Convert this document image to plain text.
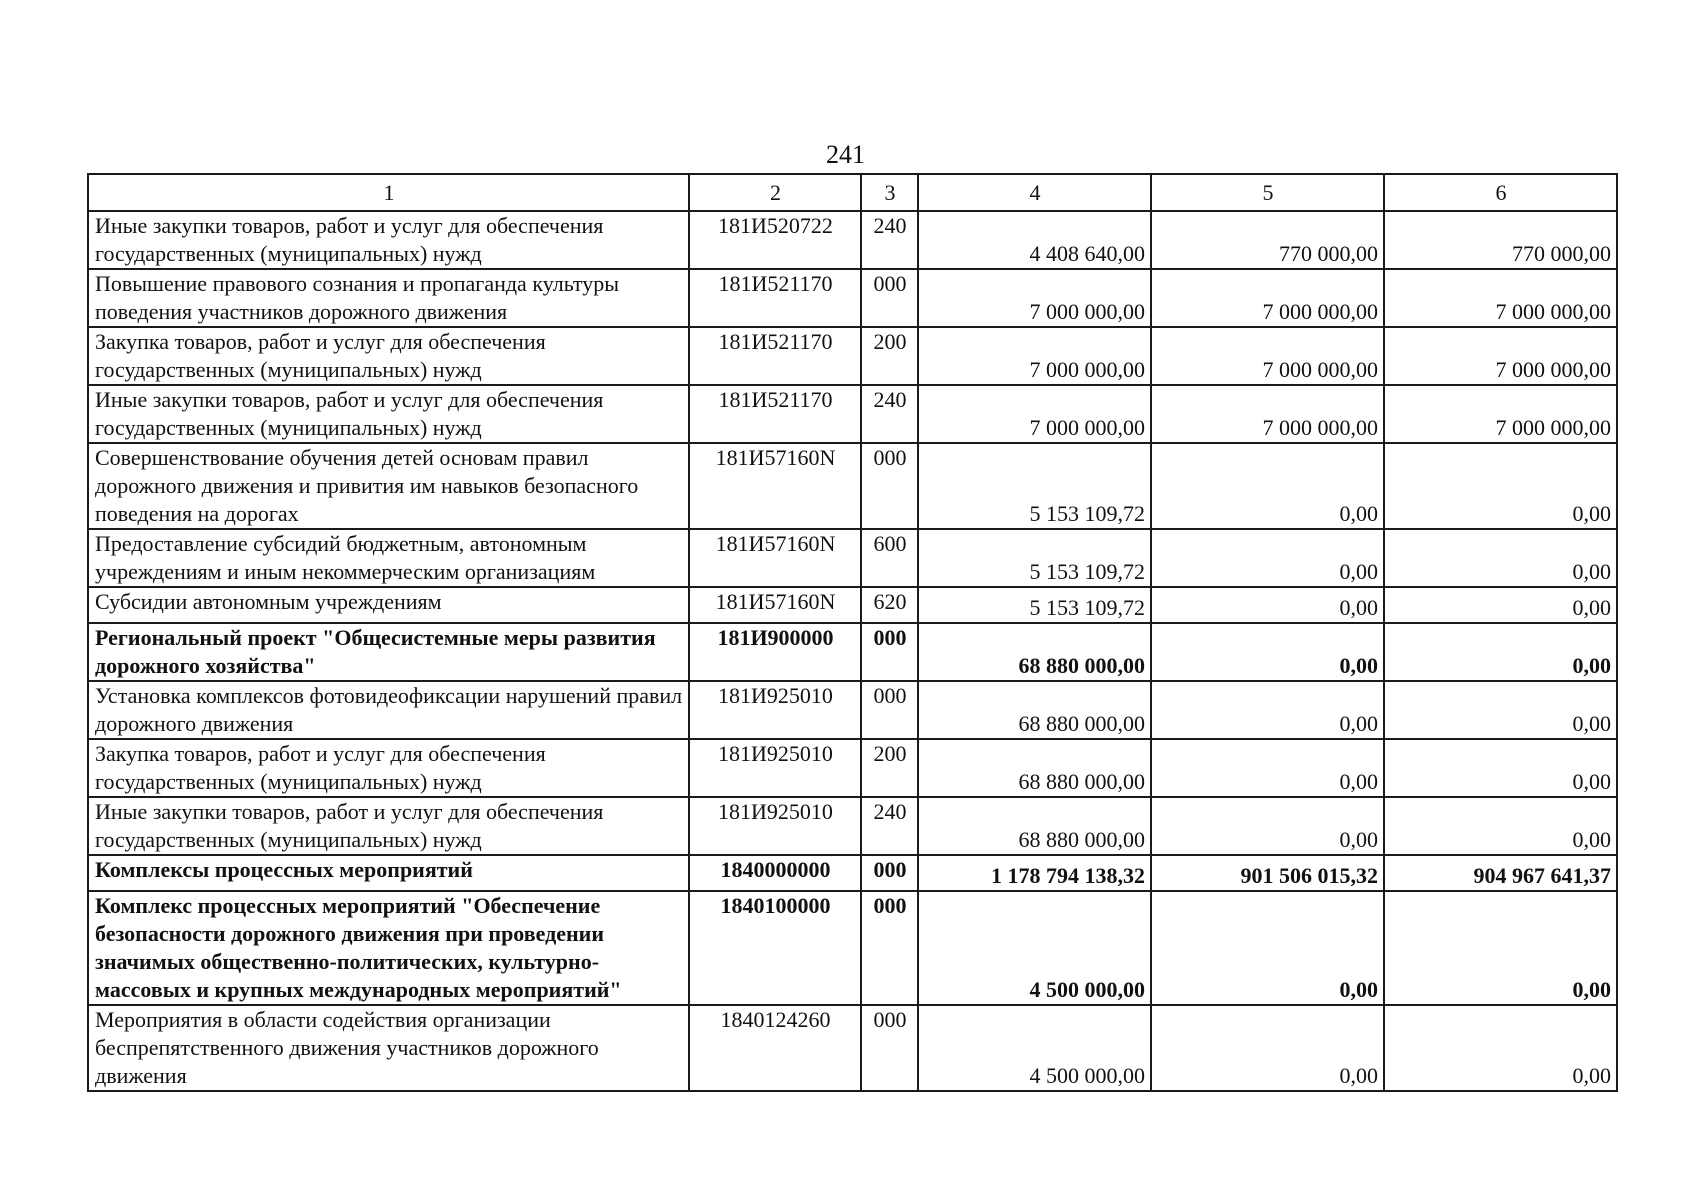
241
1	2	3	4	5	6
Иные закупки товаров, работ и услуг для обеспечения государственных (муниципальных) нужд	181И520722	240	4 408 640,00	770 000,00	770 000,00
Повышение правового сознания и пропаганда культуры поведения участников дорожного движения	181И521170	000	7 000 000,00	7 000 000,00	7 000 000,00
Закупка товаров, работ и услуг для обеспечения государственных (муниципальных) нужд	181И521170	200	7 000 000,00	7 000 000,00	7 000 000,00
Иные закупки товаров, работ и услуг для обеспечения государственных (муниципальных) нужд	181И521170	240	7 000 000,00	7 000 000,00	7 000 000,00
Совершенствование обучения детей основам правил дорожного движения и привития им навыков безопасного поведения на дорогах	181И57160N	000	5 153 109,72	0,00	0,00
Предоставление субсидий бюджетным, автономным учреждениям и иным некоммерческим организациям	181И57160N	600	5 153 109,72	0,00	0,00
Субсидии автономным учреждениям	181И57160N	620	5 153 109,72	0,00	0,00
Региональный проект "Общесистемные меры развития дорожного хозяйства"	181И900000	000	68 880 000,00	0,00	0,00
Установка комплексов фотовидеофиксации нарушений правил дорожного движения	181И925010	000	68 880 000,00	0,00	0,00
Закупка товаров, работ и услуг для обеспечения государственных (муниципальных) нужд	181И925010	200	68 880 000,00	0,00	0,00
Иные закупки товаров, работ и услуг для обеспечения государственных (муниципальных) нужд	181И925010	240	68 880 000,00	0,00	0,00
Комплексы процессных мероприятий	1840000000	000	1 178 794 138,32	901 506 015,32	904 967 641,37
Комплекс процессных мероприятий "Обеспечение безопасности дорожного движения при проведении значимых общественно-политических, культурно-массовых и крупных международных мероприятий"	1840100000	000	4 500 000,00	0,00	0,00
Мероприятия в области содействия организации беспрепятственного движения участников дорожного движения	1840124260	000	4 500 000,00	0,00	0,00
